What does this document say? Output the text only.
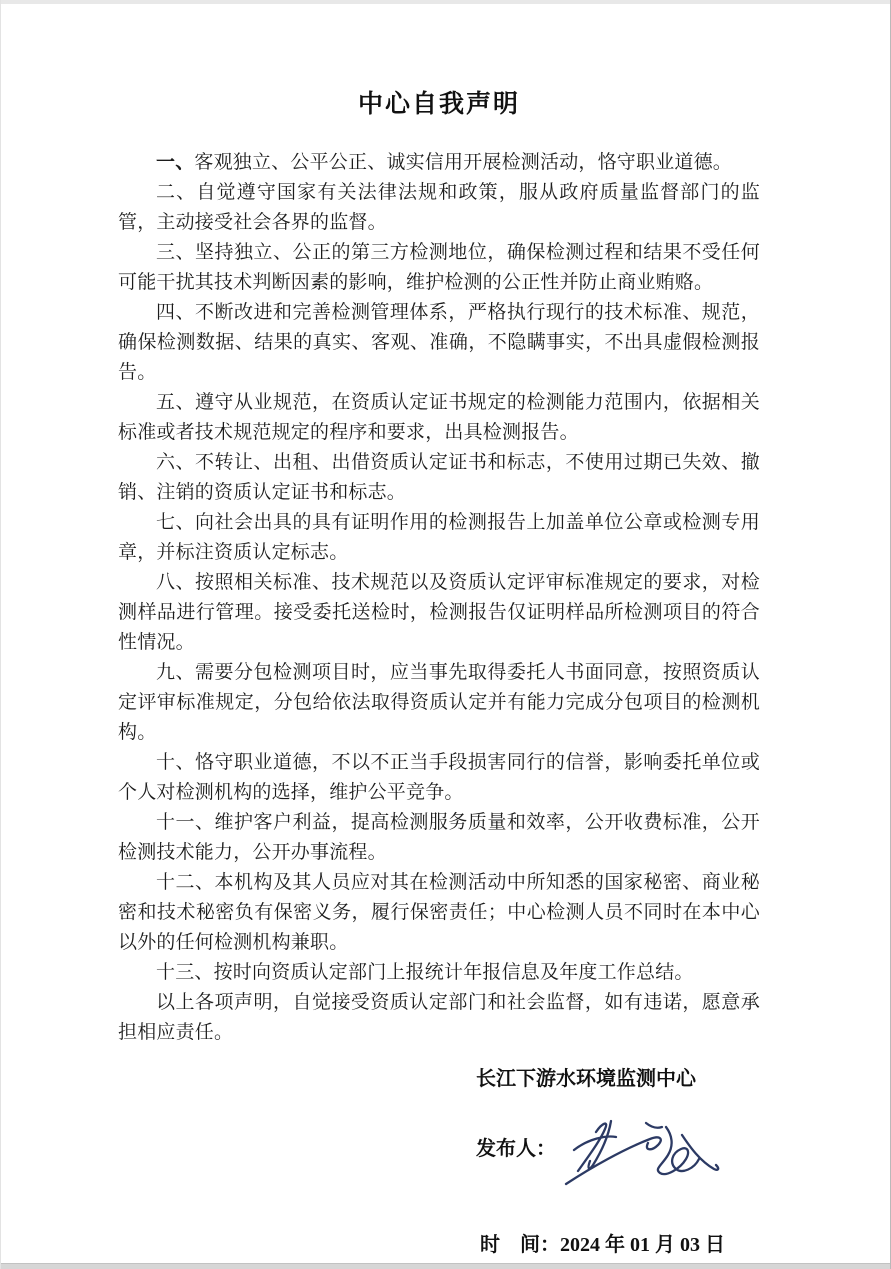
中心自我声明

一、客观独立、公平公正、诚实信用开展检测活动，恪守职业道德。

二、自觉遵守国家有关法律法规和政策，服从政府质量监督部门的监管，主动接受社会各界的监督。

三、坚持独立、公正的第三方检测地位，确保检测过程和结果不受任何可能干扰其技术判断因素的影响，维护检测的公正性并防止商业贿赂。

四、不断改进和完善检测管理体系，严格执行现行的技术标准、规范，确保检测数据、结果的真实、客观、准确，不隐瞒事实，不出具虚假检测报告。

五、遵守从业规范，在资质认定证书规定的检测能力范围内，依据相关标准或者技术规范规定的程序和要求，出具检测报告。

六、不转让、出租、出借资质认定证书和标志，不使用过期已失效、撤销、注销的资质认定证书和标志。

七、向社会出具的具有证明作用的检测报告上加盖单位公章或检测专用章，并标注资质认定标志。

八、按照相关标准、技术规范以及资质认定评审标准规定的要求，对检测样品进行管理。接受委托送检时，检测报告仅证明样品所检测项目的符合性情况。

九、需要分包检测项目时，应当事先取得委托人书面同意，按照资质认定评审标准规定，分包给依法取得资质认定并有能力完成分包项目的检测机构。

十、恪守职业道德，不以不正当手段损害同行的信誉，影响委托单位或个人对检测机构的选择，维护公平竞争。

十一、维护客户利益，提高检测服务质量和效率，公开收费标准，公开检测技术能力，公开办事流程。

十二、本机构及其人员应对其在检测活动中所知悉的国家秘密、商业秘密和技术秘密负有保密义务，履行保密责任；中心检测人员不同时在本中心以外的任何检测机构兼职。

十三、按时向资质认定部门上报统计年报信息及年度工作总结。

以上各项声明，自觉接受资质认定部门和社会监督，如有违诺，愿意承担相应责任。

长江下游水环境监测中心
发布人：
时　间：2024 年 01 月 03 日
